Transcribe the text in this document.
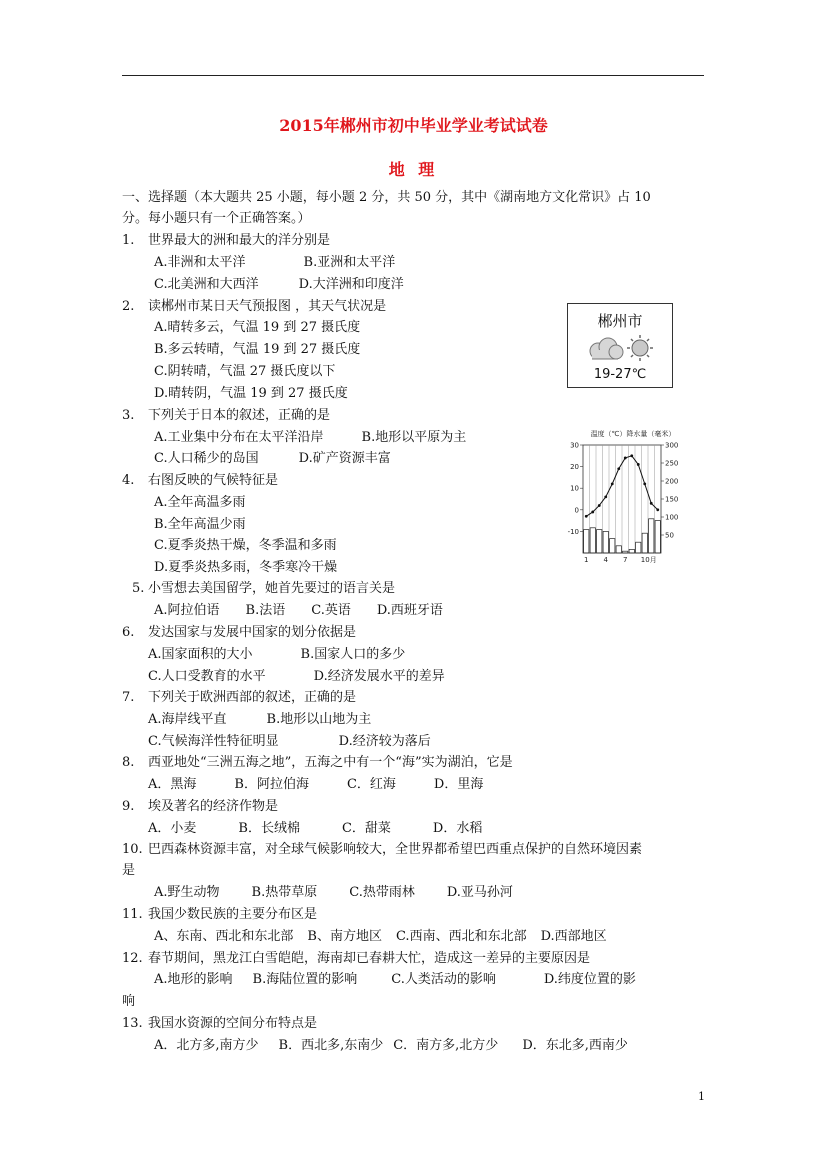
2015年郴州市初中毕业学业考试试卷
地 理
一、选择题（本大题共 25 小题，每小题 2 分，共 50 分，其中《湖南地方文化常识》占 10
分。每小题只有一个正确答案。）
1. 世界最大的洲和最大的洋分别是
A.非洲和太平洋	B.亚洲和太平洋
C.北美洲和大西洋	D.大洋洲和印度洋
2. 读郴州市某日天气预报图 ，其天气状况是
A.晴转多云，气温 19 到 27 摄氏度
B.多云转晴，气温 19 到 27 摄氏度
C.阴转晴，气温 27 摄氏度以下
D.晴转阴，气温 19 到 27 摄氏度
郴州市
19-27℃
3. 下列关于日本的叙述，正确的是
A.工业集中分布在太平洋沿岸	B.地形以平原为主
C.人口稀少的岛国	D.矿产资源丰富
温度（℃）降水量（毫米）
30
20
10
0
-10
300
250
200
150
100
50
1 4 7 10月
4. 右图反映的气候特征是
A.全年高温多雨
B.全年高温少雨
C.夏季炎热干燥，冬季温和多雨
D.夏季炎热多雨，冬季寒冷干燥
5. 小雪想去美国留学，她首先要过的语言关是
A.阿拉伯语 B.法语 C.英语 D.西班牙语
6. 发达国家与发展中国家的划分依据是
A.国家面积的大小	B.国家人口的多少
C.人口受教育的水平	D.经济发展水平的差异
7. 下列关于欧洲西部的叙述，正确的是
A.海岸线平直	B.地形以山地为主
C.气候海洋性特征明显	D.经济较为落后
8. 西亚地处“三洲五海之地”，五海之中有一个“海”实为湖泊，它是
A．黑海	B．阿拉伯海	C．红海	D．里海
9. 埃及著名的经济作物是
A．小麦	B．长绒棉	C．甜菜	D．水稻
10. 巴西森林资源丰富，对全球气候影响较大，全世界都希望巴西重点保护的自然环境因素
是
A.野生动物 B.热带草原 C.热带雨林 D.亚马孙河
11. 我国少数民族的主要分布区是
A、东南、西北和东北部 B、南方地区 C.西南、西北和东北部 D.西部地区
12. 春节期间，黑龙江白雪皑皑，海南却已春耕大忙，造成这一差异的主要原因是
A.地形的影响 B.海陆位置的影响	C.人类活动的影响	D.纬度位置的影
响
13. 我国水资源的空间分布特点是
A．北方多,南方少 B．西北多,东南少 C．南方多,北方少 D．东北多,西南少
1
